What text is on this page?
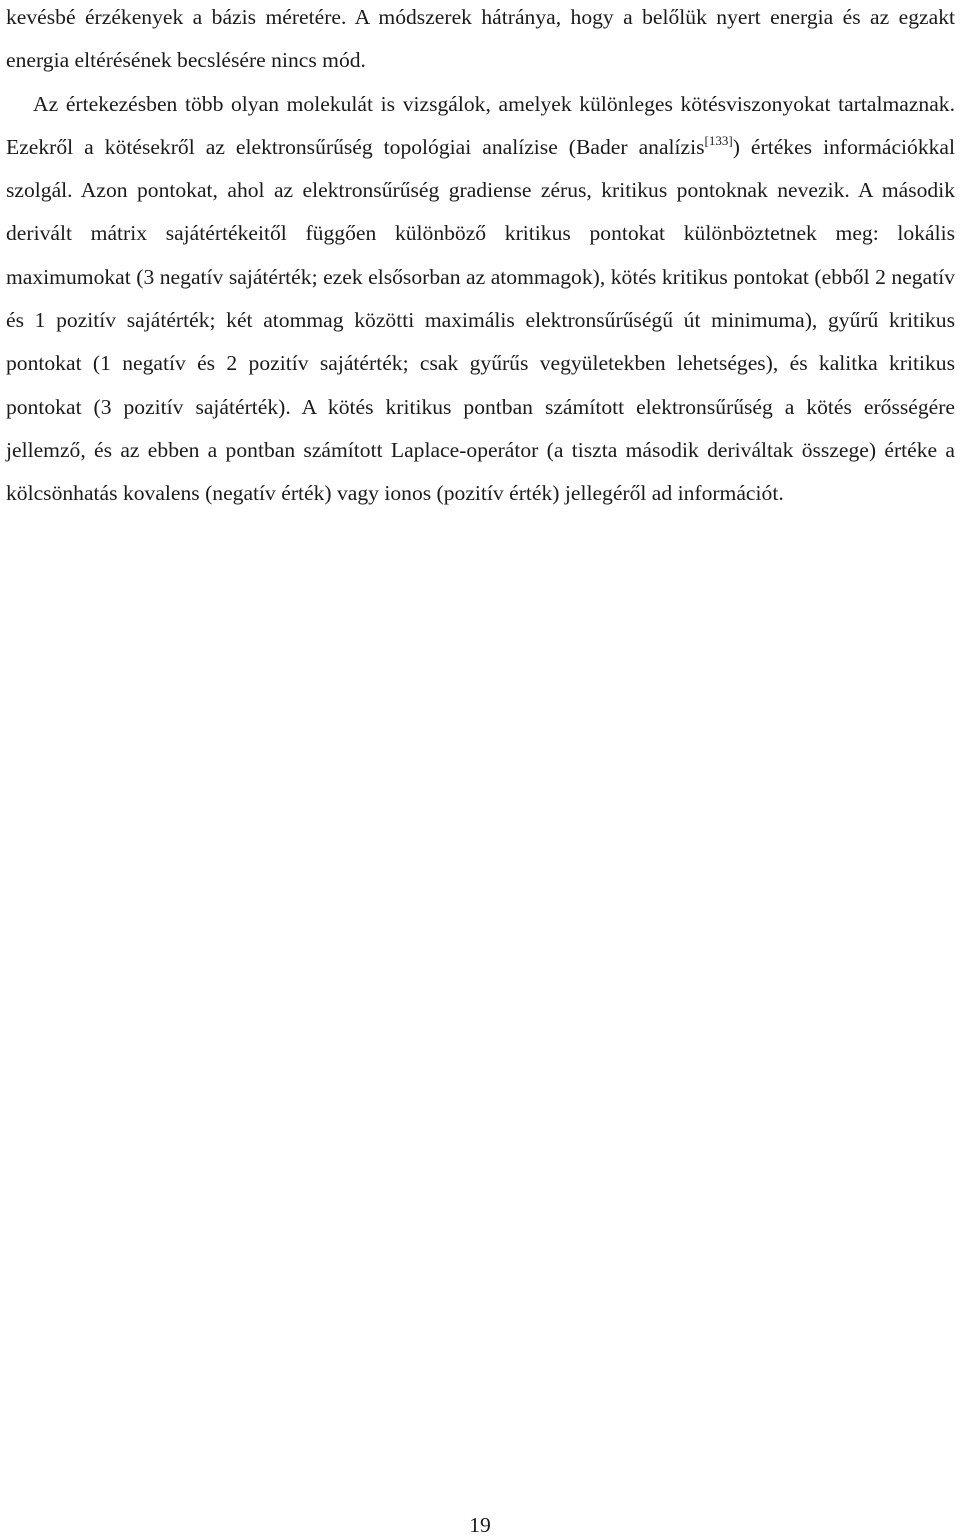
kevésbé érzékenyek a bázis méretére. A módszerek hátránya, hogy a belőlük nyert energia és az egzakt energia eltérésének becslésére nincs mód.

Az értekezésben több olyan molekulát is vizsgálok, amelyek különleges kötésviszonyokat tartalmaznak. Ezekről a kötésekről az elektronsűrűség topológiai analízise (Bader analízis[133]) értékes információkkal szolgál. Azon pontokat, ahol az elektronsűrűség gradiense zérus, kritikus pontoknak nevezik. A második derivált mátrix sajátértékeitől függően különböző kritikus pontokat különböztetnek meg: lokális maximumokat (3 negatív sajátérték; ezek elsősorban az atommagok), kötés kritikus pontokat (ebből 2 negatív és 1 pozitív sajátérték; két atommag közötti maximális elektronsűrűségű út minimuma), gyűrű kritikus pontokat (1 negatív és 2 pozitív sajátérték; csak gyűrűs vegyületekben lehetséges), és kalitka kritikus pontokat (3 pozitív sajátérték). A kötés kritikus pontban számított elektronsűrűség a kötés erősségére jellemző, és az ebben a pontban számított Laplace-operátor (a tiszta második deriváltak összege) értéke a kölcsönhatás kovalens (negatív érték) vagy ionos (pozitív érték) jellegéről ad információt.

19
